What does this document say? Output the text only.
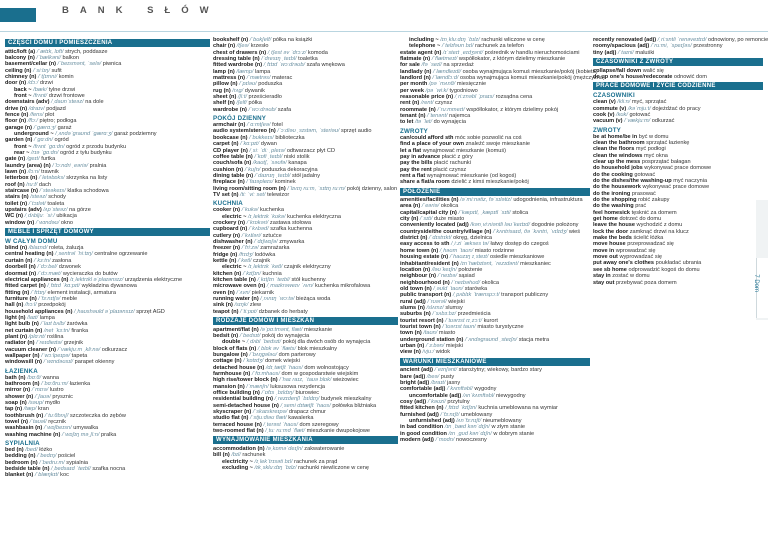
BANK SŁÓW
CZĘŚCI DOMU I POMIESZCZENIA
attic/loft (a) /ˈætɪk, lɒft/ strych, poddasze
balcony (n) /ˈbælkəni/ balkon
basement/cellar (n) /ˈbeɪsmənt, ˈselə/ piwnica
ceiling (n) /ˈsiːlɪŋ/ sufit
chimney (n) /ˈtʃɪmni/ komin
door (n) /dɔː/ drzwi
back ~ /bæk/ tylne drzwi
front ~ /frʌnt/ drzwi frontowe
downstairs (adv) /ˌdaʊnˈsteəz/ na dole
drive (n) /draɪv/ podjazd
fence (n) /fens/ płot
floor (n) /flɔː/ piętro; podłoga
garage (n) /ˈɡærɑːʒ/ garaż
underground ~ /ˌʌndəˈɡraʊnd ˈɡærɑːʒ/ garaż podziemny
garden (n) /ˈɡɑːdn/ ogród
front ~ /frʌnt ˈɡɑːdn/ ogród z przodu budynku
rear ~ /rɪə ˈɡɑːdn/ ogród z tyłu budynku
gate (n) /ɡeɪt/ furtka
laundry (area) (n) /ˈlɔːndri ˌeəriə/ pralnia
lawn (n) /lɔːn/ trawnik
letterbox (n) /ˈletəbɒks/ skrzynka na listy
roof (n) /ruːf/ dach
staircase (n) /ˈsteəkeɪs/ klatka schodowa
stairs (n) /steəz/ schody
toilet (n) /ˈtɔɪlət/ toaleta
upstairs (adv) /ʌpˈsteəz/ na górze
WC (n) /ˌdʌbljuː ˈsiː/ ubikacja
window (n) /ˈwɪndəʊ/ okno
MEBLE I SPRZĘT DOMOWY
W CAŁYM DOMU
blind (n) /blaɪnd/ roleta, żaluzja
central heating (n) /ˌsentrəl ˈhiːtɪŋ/ centralne ogrzewanie
curtain (n) /ˈkɜːtn/ zasłona
doorbell (n) /ˈdɔːbel/ dzwonek
doormat (n) /ˈdɔːmæt/ wycieraczka do butów
electrical appliances (n) /ɪˌlektrɪkl əˈplaɪənsɪz/ urządzenia elektryczne
fitted carpet (n) /ˌfɪtɪd ˈkɑːpɪt/ wykładzina dywanowa
fitting (n) /ˈfɪtɪŋ/ element instalacji, armatura
furniture (n) /ˈfɜːnɪtʃə/ meble
hall (n) /hɔːl/ przedpokój
household appliances (n) /ˌhaʊshəʊld əˈplaɪənsɪz/ sprzęt AGD
light (n) /laɪt/ lampa
light bulb (n) /ˈlaɪt bʌlb/ żarówka
net curtain (n) /net ˈkɜːtn/ firanka
plant (n) /plɑːnt/ roślina
radiator (n) /ˈreɪdieɪtə/ grzejnik
vacuum cleaner (n) /ˈvækjuːm ˌkliːnə/ odkurzacz
wallpaper (n) /ˈwɔːlpeɪpə/ tapeta
windowsill (n) /ˈwɪndəʊsɪl/ parapet okienny
ŁAZIENKA
bath (n) /bɑːθ/ wanna
bathroom (n) /ˈbɑːθruːm/ łazienka
mirror (n) /ˈmɪrə/ lustro
shower (n) /ˈʃaʊə/ prysznic
soap (n) /səʊp/ mydło
tap (n) /tæp/ kran
toothbrush (n) /ˈtuːθbrʌʃ/ szczoteczka do zębów
towel (n) /ˈtaʊəl/ ręcznik
washbasin (n) /ˈwɒʃbeɪsn/ umywalka
washing machine (n) /ˈwɒʃɪŋ məˌʃiːn/ pralka
SYPIALNIA
bed (n) /bed/ łóżko
bedding (n) /ˈbedɪŋ/ pościel
bedroom (n) /ˈbedruːm/ sypialnia
bedside table (n) /ˌbedsaɪd ˈteɪbl/ szafka nocna
blanket (n) /ˈblæŋkɪt/ koc
bookshelf (n) /ˈbʊkʃelf/ półka na książki
chair (n) /tʃeə/ krzesło
chest of drawers (n) /ˌtʃest əv ˈdrɔːz/ komoda
dressing table (n) /ˈdresɪŋ ˌteɪbl/ toaletka
fitted wardrobe (n) /ˌfɪtɪd ˈwɔːdrəʊb/ szafa wnękowa
lamp (n) /læmp/ lampa
mattress (n) /ˈmætrəs/ materac
pillow (n) /ˈpɪləʊ/ poduszka
rug (n) /rʌɡ/ dywanik
sheet (n) /ʃiːt/ prześcieradło
shelf (n) /ʃelf/ półka
wardrobe (n) /ˈwɔːdrəʊb/ szafa
POKÓJ DZIENNY
armchair (n) /ˈɑːmtʃeə/ fotel
audio system/stereo (n) /ˈɔːdiəʊ ˌsɪstəm, ˈsteriəʊ/ sprzęt audio
bookcase (n) /ˈbʊkkeɪs/ biblioteczka
carpet (n) /ˈkɑːpɪt/ dywan
CD player (n) /ˌsiː ˈdiː ˌpleɪə/ odtwarzacz płyt CD
coffee table (n) /ˈkɒfi ˌteɪbl/ niski stolik
couch/sofa (n) /kaʊtʃ, ˈsəʊfə/ kanapa
cushion (n) /ˈkʊʃn/ poduszka dekoracyjna
dining table (n) /ˈdaɪnɪŋ ˌteɪbl/ stół jadalny
fireplace (n) /ˈfaɪəpleɪs/ kominek
living room/sitting room (n) /ˈlɪvɪŋ ruːm, ˈsɪtɪŋ ruːm/ pokój dzienny, salon
TV set (n) /tiː ˈviː set/ telewizor
KUCHNIA
cooker (n) /ˈkʊkə/ kuchenka
electric ~ /ɪˌlektrɪk ˈkʊkə/ kuchenka elektryczna
crockery (n) /ˈkrɒkəri/ zastawa stołowa
cupboard (n) /ˈkʌbəd/ szafka kuchenna
cutlery (n) /ˈkʌtləri/ sztućce
dishwasher (n) /ˈdɪʃwɒʃə/ zmywarka
freezer (n) /ˈfriːzə/ zamrażarka
fridge (n) /frɪdʒ/ lodówka
kettle (n) /ˈketl/ czajnik
electric ~ /ɪˌlektrɪk ˈketl/ czajnik elektryczny
kitchen (n) /ˈkɪtʃɪn/ kuchnia
kitchen table (n) /ˌkɪtʃɪn ˈteɪbl/ stół kuchenny
microwave oven (n) /ˌmaɪkrəweɪv ˈʌvn/ kuchenka mikrofalowa
oven (n) /ˈʌvn/ piekarnik
running water (n) /ˌrʌnɪŋ ˈwɔːtə/ bieżąca woda
sink (n) /sɪŋk/ zlew
teapot (n) /ˈtiːpɒt/ dzbanek do herbaty
RODZAJE DOMÓW I MIESZKAŃ
apartment/flat (n) /əˈpɑːtmənt, flæt/ mieszkanie
bedsit (n) /ˈbedsɪt/ pokój do wynajęcia
double ~ /ˌdʌbl ˈbedsɪt/ pokój dla dwóch osób do wynajęcia
block of flats (n) /ˌblɒk əv ˈflæts/ blok mieszkalny
bungalow (n) /ˈbʌŋɡələʊ/ dom parterowy
cottage (n) /ˈkɒtɪdʒ/ domek wiejski
detached house (n) /dɪˌtætʃt ˈhaʊs/ dom wolnostojący
farmhouse (n) /ˈfɑːmhaʊs/ dom w gospodarstwie wiejskim
high rise/tower block (n) /ˈhaɪ raɪz, ˈtaʊə blɒk/ wieżowiec
mansion (n) /ˈmænʃn/ luksusowa rezydencja
office building (n) /ˈɒfɪs ˌbɪldɪŋ/ biurowiec
residential building (n) /ˌrezɪdenʃl ˈbɪldɪŋ/ budynek mieszkalny
semi-detached house (n) /ˌsemi dɪtætʃt ˈhaʊs/ połówka bliźniaka
skyscraper (n) /ˈskaɪskreɪpə/ drapacz chmur
studio flat (n) /ˈstjuːdiəʊ flæt/ kawalerka
terraced house (n) /ˌterəst ˈhaʊs/ dom szeregowy
two-roomed flat (n) /ˌtuː ruːmd ˈflæt/ mieszkanie dwupokojowe
WYNAJMOWANIE MIESZKANIA
accommodation (n) /əˌkɒməˈdeɪʃn/ zakwaterowanie
bill (n) /bɪl/ rachunek
electricity ~ /ɪˌlekˈtrɪsəti bɪl/ rachunek za prąd
excluding ~ /ɪkˌskluːdɪŋ ˈbɪlz/ rachunki niewliczone w cenę
including ~ /ɪnˌkluːdɪŋ ˈbɪlz/ rachunki wliczone w cenę
telephone ~ /ˈtelɪfəʊn bɪl/ rachunek za telefon
estate agent (n) /ɪˈsteɪt ˌeɪdʒənt/ pośrednik w handlu nieruchomościami
flatmate (n) /ˈflætmeɪt/ współlokator, z którym dzielimy mieszkanie
for sale /fə ˈseɪl/ na sprzedaż
landlady (n) /ˈlændleɪdi/ osoba wynajmująca komuś mieszkanie/pokój (kobieta)
landlord (n) /ˈlændlɔːd/ osoba wynajmująca komuś mieszkanie/pokój (mężczyzna)
per month /pə ˈmʌnθ/ miesięcznie
per week /pə ˈwiːk/ tygodniowo
reasonable price (n) /ˌriːznəbl ˈpraɪs/ rozsądna cena
rent (n) /rent/ czynsz
roommate (n) /ˈruːmmeɪt/ współlokator, z którym dzielimy pokój
tenant (n) /ˈtenənt/ najemca
to let /tə ˈlet/ do wynajęcia
ZWROTY
can/could afford sth móc sobie pozwolić na coś
find a place of your own znaleźć swoje mieszkanie
let a flat wynajmować mieszkanie (komuś)
pay in advance płacić z góry
pay the bills płacić rachunki
pay the rent płacić czynsz
rent a flat wynajmować mieszkanie (od kogoś)
share a flat/a room dzielić z kimś mieszkanie/pokój
POŁOŻENIE
amenities/facilities (n) /əˈmiːnətiz, fəˈsɪlətiz/ udogodnienia, infrastruktura
area (n) /ˈeəriə/ okolica
capital/capital city (n) /ˈkæpɪtl, ˌkæpɪtl ˈsɪti/ stolica
city (n) /ˈsɪti/ duże miasto
conveniently located (adj) /kənˌviːniəntli ləʊˈkeɪtɪd/ dogodnie położony
countryside/the country/village (n) /ˈkʌntrisaɪd, ðə ˈkʌntri, ˈvɪlɪdʒ/ wieś
district (n) /ˈdɪstrɪkt/ okręg, dzielnica
easy access to sth /ˌiːzi ˈækses tə/ łatwy dostęp do czegoś
home town (n) /ˌhəʊm ˈtaʊn/ miasto rodzinne
housing estate (n) /ˈhaʊzɪŋ ɪˌsteɪt/ osiedle mieszkaniowe
inhabitant/resident (n) /ɪnˈhæbɪtənt, ˈrezɪdənt/ mieszkaniec
location (n) /ləʊˈkeɪʃn/ położenie
neighbour (n) /ˈneɪbə/ sąsiad
neighbourhood (n) /ˈneɪbəhʊd/ okolica
old town (n) /ˌəʊld ˈtaʊn/ starówka
public transport (n) /ˌpʌblɪk ˈtrænspɔːt/ transport publiczny
rural (adj) /ˈrʊərəl/ wiejski
slums (n) /slʌmz/ slumsy
suburbs (n) /ˈsʌbɜːbz/ przedmieścia
tourist resort (n) /ˈtʊərɪst rɪˌzɔːt/ kurort
tourist town (n) /ˈtʊərɪst taʊn/ miasto turystyczne
town (n) /taʊn/ miasto
underground station (n) /ˈʌndəɡraʊnd ˌsteɪʃn/ stacja metra
urban (n) /ˈɜːbən/ miejski
view (n) /vjuː/ widok
WARUNKI MIESZKANIOWE
ancient (adj) /ˈeɪnʃənt/ starożytny; wiekowy, bardzo stary
bare (adj) /beə/ pusty
bright (adj) /braɪt/ jasny
comfortable (adj) /ˈkʌmftəbl/ wygodny
uncomfortable (adj) /ʌnˈkʌmftəbl/ niewygodny
cosy (adj) /ˈkəʊzi/ przytulny
fitted kitchen (n) /ˌfɪtɪd ˈkɪtʃɪn/ kuchnia umeblowana na wymiar
furnished (adj) /ˈfɜːnɪʃt/ umeblowany
unfurnished (adj) /ʌnˈfɜːnɪʃt/ nieumeblowany
in bad condition /ɪn ˌbæd kənˈdɪʃn/ w złym stanie
in good condition /ɪn ˌɡʊd kənˈdɪʃn/ w dobrym stanie
modern (adj) /ˈmɒdn/ nowoczesny
recently renovated (adj) /ˌriːsntli ˈrenəveɪtɪd/ odnowiony, po remoncie
roomy/spacious (adj) /ˈruːmi, ˈspeɪʃəs/ przestronny
tiny (adj) /ˈtaɪni/ maluśki
CZASOWNIKI Z ZWROTY
collapse/fall down walić się
do up one's house/redecorate odnowić dom
PRACE DOMOWE I ŻYCIE CODZIENNE
CZASOWNIKI
clean (v) /kliːn/ myć, sprzątać
commute (v) /kəˈmjuːt/ dojeżdżać do pracy
cook (v) /kʊk/ gotować
vacuum (v) /ˈvækjuːm/ odkurzać
ZWROTY
be at home/be in być w domu
clean the bathroom sprzątać łazienkę
clean the floors myć podłogi
clean the windows myć okna
clear up the mess posprzątać bałagan
do household jobs wykonywać prace domowe
do the cooking gotować
do the dishes/the washing-up myć naczynia
do the housework wykonywać prace domowe
do the ironing prasować
do the shopping robić zakupy
do the washing prać
feel homesick tęsknić za domem
get home dotrzeć do domu
leave the house wychodzić z domu
lock the door zamknąć drzwi na klucz
make the beds ścielić łóżka
move house przeprowadzać się
move in wprowadzać się
move out wyprowadzać się
put away one's clothes poukładać ubrania
see sb home odprowadzić kogoś do domu
stay in zostać w domu
stay out przebywać poza domem	7 Dom
